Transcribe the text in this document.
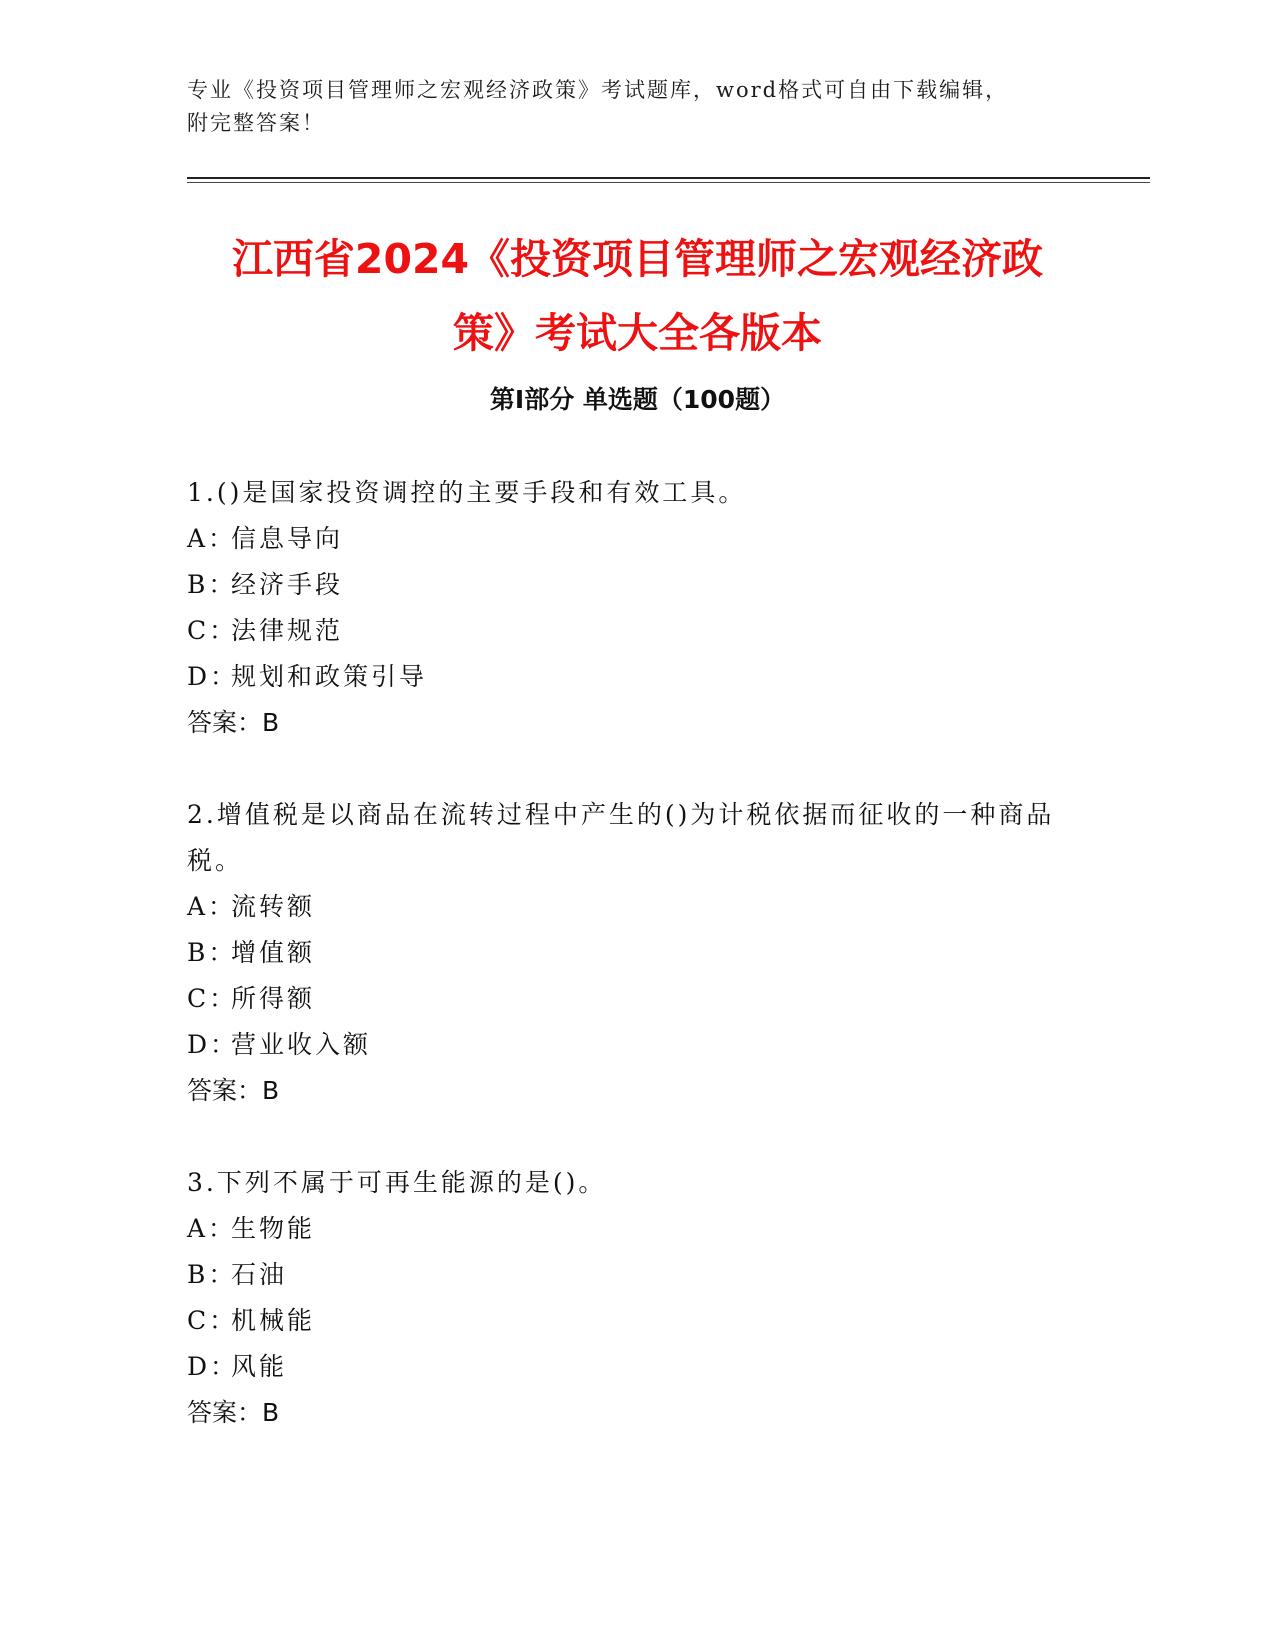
专业《投资项目管理师之宏观经济政策》考试题库，word格式可自由下载编辑，
附完整答案！
江西省2024《投资项目管理师之宏观经济政
策》考试大全各版本
第Ⅰ部分 单选题（100题）

1.()是国家投资调控的主要手段和有效工具。

A：信息导向

B：经济手段

C：法律规范

D：规划和政策引导

答案：B

2.增值税是以商品在流转过程中产生的()为计税依据而征收的一种商品税。

A：流转额

B：增值额

C：所得额

D：营业收入额

答案：B

3.下列不属于可再生能源的是()。

A：生物能

B：石油

C：机械能

D：风能

答案：B
